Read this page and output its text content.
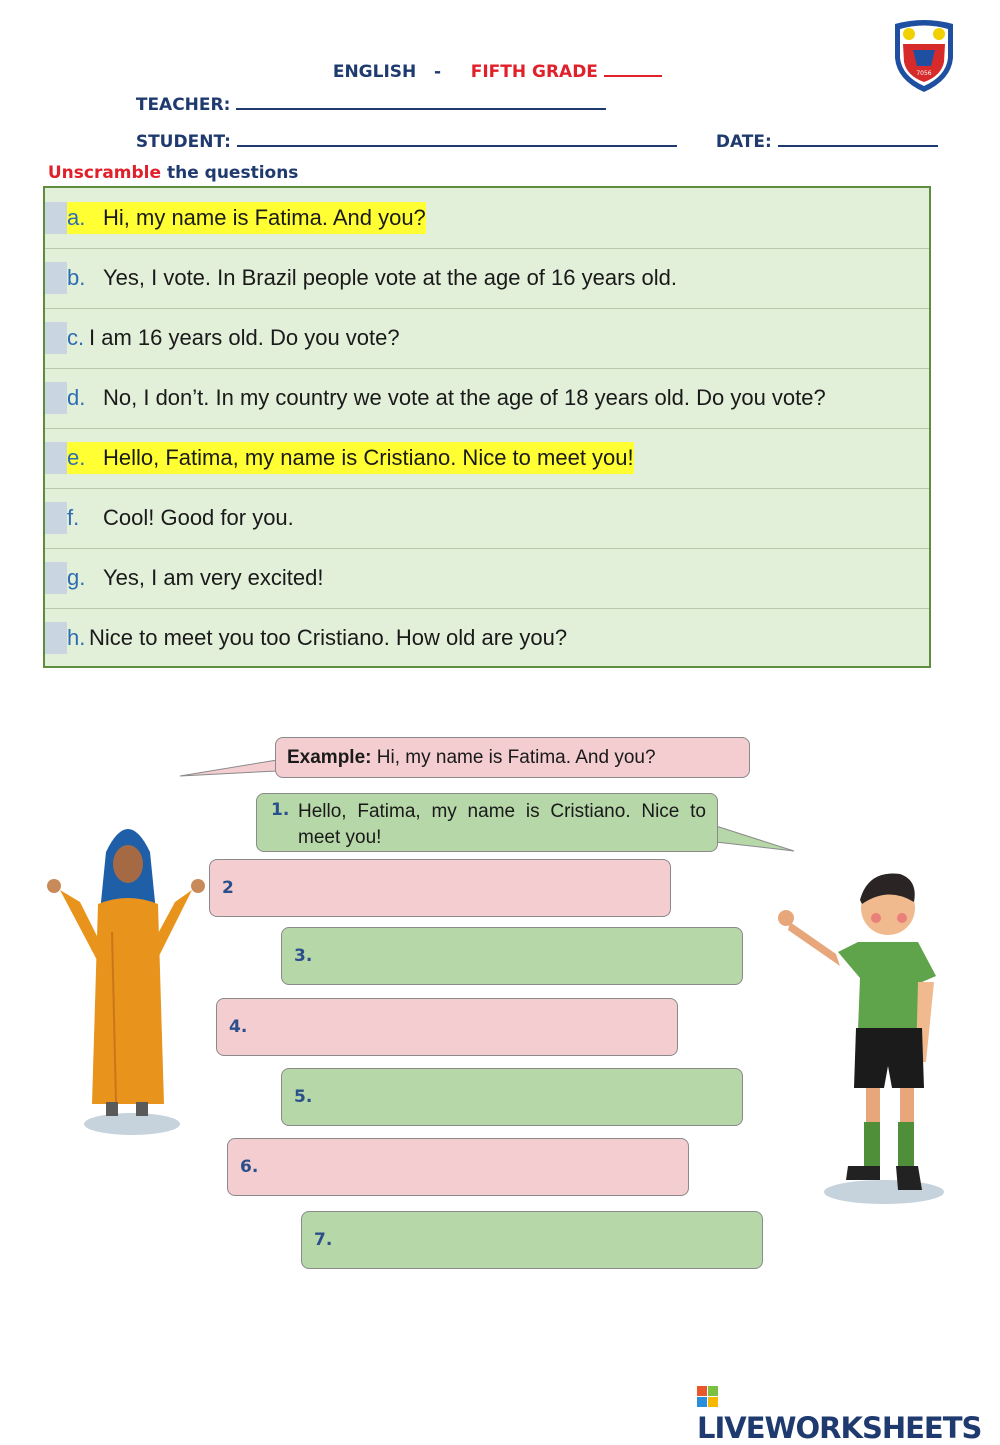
ENGLISH - FIFTH GRADE

TEACHER:

STUDENT:	DATE:

Unscramble the questions

7056
a. Hi, my name is Fatima. And you?
b. Yes, I vote. In Brazil people vote at the age of 16 years old.
c. I am 16 years old. Do you vote?
d. No, I don’t. In my country we vote at the age of 18 years old. Do you vote?
e. Hello, Fatima, my name is Cristiano. Nice to meet you!
f. Cool! Good for you.
g. Yes, I am very excited!
h. Nice to meet you too Cristiano. How old are you?
Example:
Hi, my name is Fatima. And you?
1. Hello, Fatima, my name is Cristiano. Nice to meet you!
2
3.
4.
5.
6.
7.
LIVEWORKSHEETS
